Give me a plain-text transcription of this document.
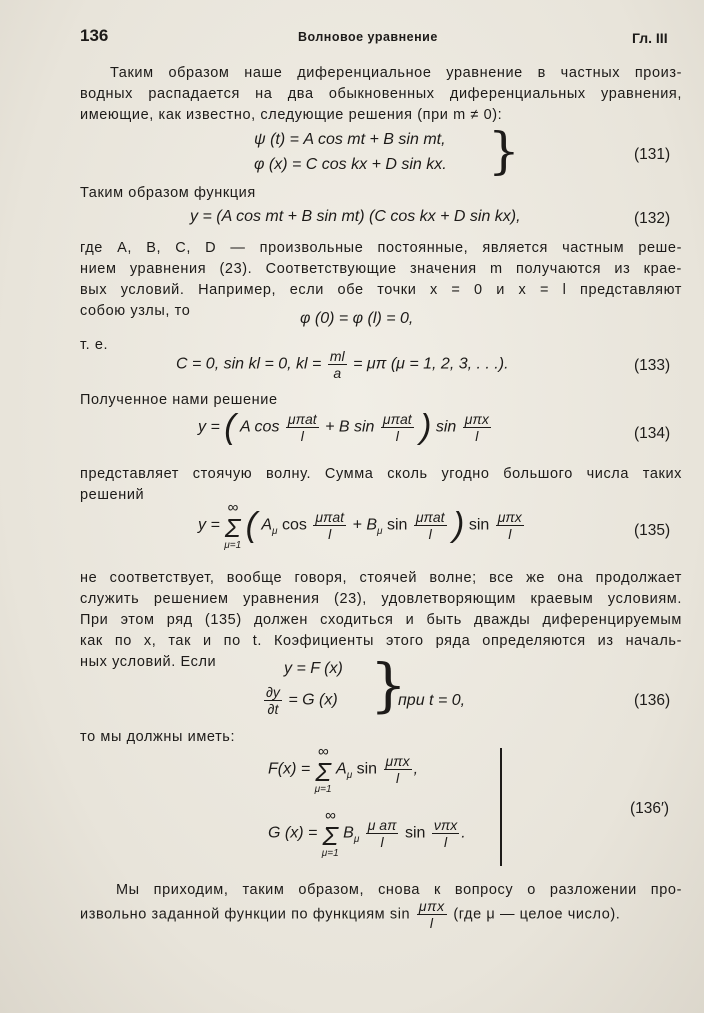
136	Волновое уравнение	Гл. III
Таким образом наше диференциальное уравнение в частных произ-
водных распадается на два обыкновенных диференциальных уравнения,
имеющие, как известно, следующие решения (при m ≠ 0):
ψ (t) = A cos mt + B sin mt,
φ (x) = C cos kx + D sin kx. }	(131)
Таким образом функция
y = (A cos mt + B sin mt) (C cos kx + D sin kx),	(132)
где A, B, C, D — произвольные постоянные, является частным реше-
нием уравнения (23). Соответствующие значения m получаются из крае-
вых условий. Например, если обе точки x = 0 и x = l представляют
собою узлы, то	φ (0) = φ (l) = 0,
т. е.
C = 0, sin kl = 0, kl = $\frac{ml}{a} = \mu\pi$ (μ = 1, 2, 3, . . .).	(133)
Полученное нами решение
y = ( A $\cos \frac{\text{μπat}}{l} + B$ $\sin \frac{\text{μπat}}{l}$ ) $\sin \frac{\text{μπx}}{l}$	(134)
представляет стоячую волну. Сумма сколь угодно большого числа таких
решений
y =
∞
Σ
μ=1
( $A_\mu$ $\cos \frac{\text{μπat}}{l} + B_\mu$ $\sin \frac{\text{μπat}}{l}$ ) $\sin \frac{\text{μπx}}{l}$	(135)
не соответствует, вообще говоря, стоячей волне; все же она продолжает
служить решением уравнения (23), удовлетворяющим краевым условиям.
При этом ряд (135) должен сходиться и быть дважды диференцируемым
как по x, так и по t. Коэфициенты этого ряда определяются из началь-
ных условий. Если	y = F (x)
$\frac{\partial y}{\partial t} = G$ (x) }
при t = 0,	(136)
то мы должны иметь:
F(x) =
∞
Σ
μ=1
$A_\mu$ $\sin \frac{\text{μπx}}{l}$ ,
G (x) =
∞
Σ
μ=1
$B_\mu \frac{\text{μ aπ}}{l}$ $\sin \frac{\text{νπx}}{l}$ .
(136′)
Мы приходим, таким образом, снова к вопросу о разложении про-
извольно заданной функции по функциям $\sin \frac{\text{μπx}}{l} (где$ μ — целое число).
